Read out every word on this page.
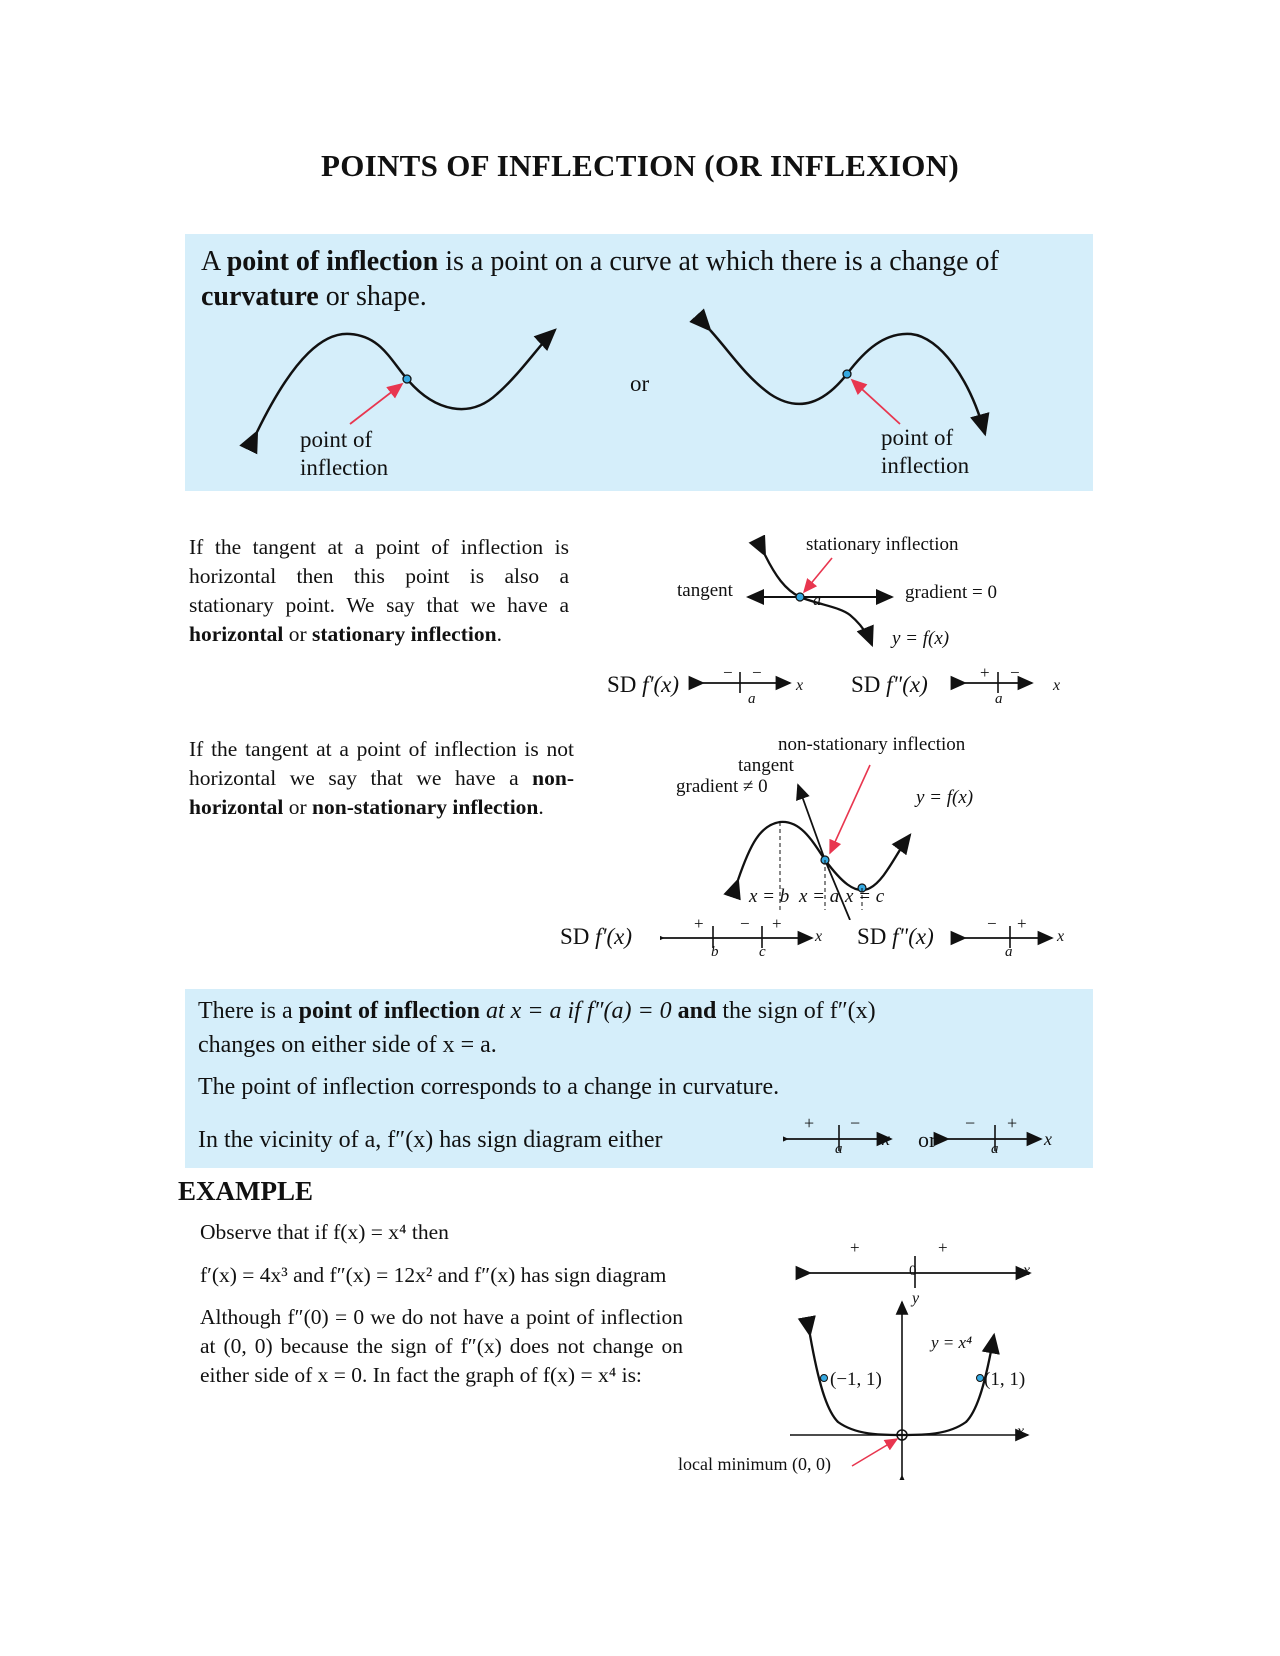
POINTS OF INFLECTION (OR INFLEXION)
A point of inflection is a point on a curve at which there is a change of curvature or shape.
or
point of
inflection
point of
inflection
If the tangent at a point of inflection is horizontal then this point is also a stationary point. We say that we have a horizontal or stationary inflection.
stationary inflection
tangent	gradient = 0
a
y = f(x)
SD f'(x)	− −
a
x SD f"(x)	+ −
a
x
If the tangent at a point of inflection is not horizontal we say that we have a non-horizontal or non-stationary inflection.
non-stationary inflection
tangent
gradient ≠ 0
y = f(x)
x = b x = a x = c
SD f'(x)
+ − +
b	c
x SD f"(x)
− +
a
x
There is a point of inflection at x = a if f″(a) = 0 and the sign of f″(x)
changes on either side of x = a.
The point of inflection corresponds to a change in curvature.
In the vicinity of a, f″(x) has sign diagram either
+ −
a x or
− +
a	x
EXAMPLE
Observe that if f(x) = x⁴ then
f′(x) = 4x³ and f″(x) = 12x² and f″(x) has sign diagram
Although f″(0) = 0 we do not have a point of inflection at (0, 0) because the sign of f″(x) does not change on either side of x = 0. In fact the graph of f(x) = x⁴ is:
+	+
0	x
y
y = x⁴
(−1, 1)	(1, 1)
x
local minimum (0, 0)
